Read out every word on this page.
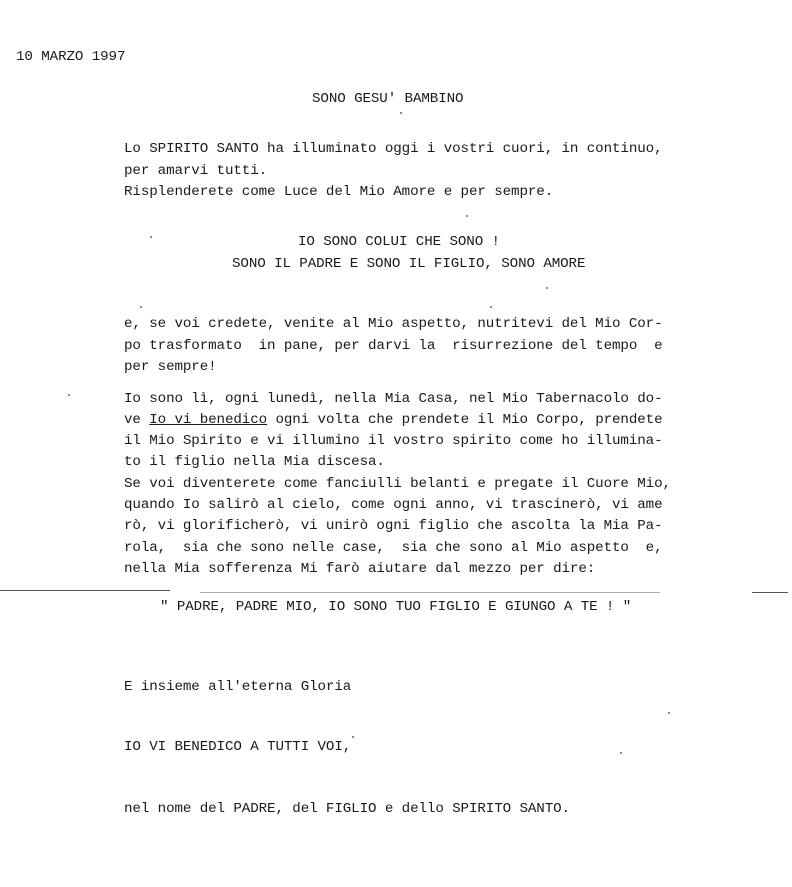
10 MARZO 1997
SONO GESU' BAMBINO
Lo SPIRITO SANTO ha illuminato oggi i vostri cuori, in continuo,
per amarvi tutti.
Risplenderete come Luce del Mio Amore e per sempre.
IO SONO COLUI CHE SONO !
SONO IL PADRE E SONO IL FIGLIO, SONO AMORE
e, se voi credete, venite al Mio aspetto, nutritevi del Mio Cor-
po trasformato  in pane, per darvi la  risurrezione del tempo  e
per sempre!
Io sono lì, ogni lunedì, nella Mia Casa, nel Mio Tabernacolo do-
ve Io vi benedico ogni volta che prendete il Mio Corpo, prendete
il Mio Spirito e vi illumino il vostro spirito come ho illumina-
to il figlio nella Mia discesa.
Se voi diventerete come fanciulli belanti e pregate il Cuore Mio,
quando Io salirò al cielo, come ogni anno, vi trascinerò, vi ame
rò, vi glorificherò, vi unirò ogni figlio che ascolta la Mia Pa-
rola,  sia che sono nelle case,  sia che sono al Mio aspetto  e,
nella Mia sofferenza Mi farò aiutare dal mezzo per dire:
" PADRE, PADRE MIO, IO SONO TUO FIGLIO E GIUNGO A TE ! "
E insieme all'eterna Gloria
IO VI BENEDICO A TUTTI VOI,
nel nome del PADRE, del FIGLIO e dello SPIRITO SANTO.
